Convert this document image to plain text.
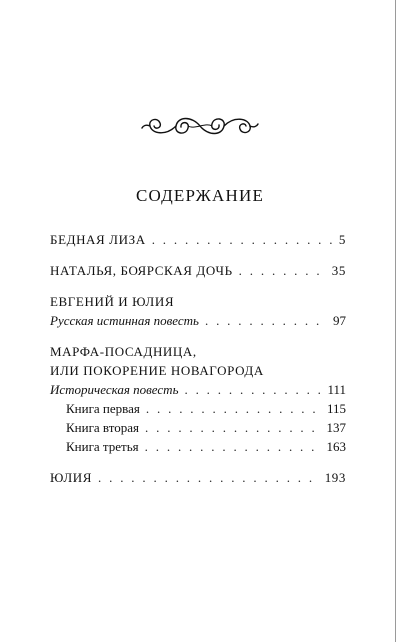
СОДЕРЖАНИЕ
БЕДНАЯ ЛИЗА . . .	5
НАТАЛЬЯ, БОЯРСКАЯ ДОЧЬ . . .	35
ЕВГЕНИЙ И ЮЛИЯ
Русская истинная повесть . . .	97
МАРФА-ПОСАДНИЦА,
ИЛИ ПОКОРЕНИЕ НОВАГОРОДА
Историческая повесть . . .	111
Книга первая . . .	115
Книга вторая . . .	137
Книга третья . . .	163
ЮЛИЯ . . .	193
